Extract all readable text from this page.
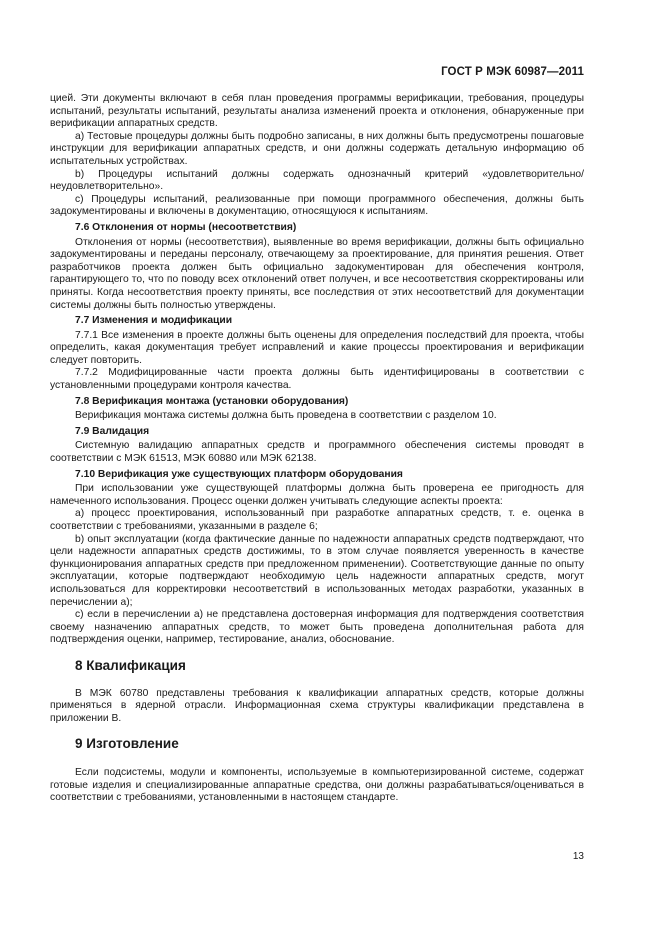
ГОСТ Р МЭК 60987—2011

цией. Эти документы включают в себя план проведения программы верификации, требования, процедуры испытаний, результаты испытаний, результаты анализа изменений проекта и отклонения, обнаруженные при верификации аппаратных средств.

a) Тестовые процедуры должны быть подробно записаны, в них должны быть предусмотрены пошаговые инструкции для верификации аппаратных средств, и они должны содержать детальную информацию об испытательных устройствах.

b) Процедуры испытаний должны содержать однозначный критерий «удовлетворительно/неудовлетворительно».

c) Процедуры испытаний, реализованные при помощи программного обеспечения, должны быть задокументированы и включены в документацию, относящуюся к испытаниям.

7.6 Отклонения от нормы (несоответствия)

Отклонения от нормы (несоответствия), выявленные во время верификации, должны быть официально задокументированы и переданы персоналу, отвечающему за проектирование, для принятия решения. Ответ разработчиков проекта должен быть официально задокументирован для обеспечения контроля, гарантирующего то, что по поводу всех отклонений ответ получен, и все несоответствия скорректированы или приняты. Когда несоответствия проекту приняты, все последствия от этих несоответствий для документации системы должны быть полностью утверждены.

7.7 Изменения и модификации

7.7.1 Все изменения в проекте должны быть оценены для определения последствий для проекта, чтобы определить, какая документация требует исправлений и какие процессы проектирования и верификации следует повторить.

7.7.2 Модифицированные части проекта должны быть идентифицированы в соответствии с установленными процедурами контроля качества.

7.8 Верификация монтажа (установки оборудования)

Верификация монтажа системы должна быть проведена в соответствии с разделом 10.

7.9 Валидация

Системную валидацию аппаратных средств и программного обеспечения системы проводят в соответствии с МЭК 61513, МЭК 60880 или МЭК 62138.

7.10 Верификация уже существующих платформ оборудования

При использовании уже существующей платформы должна быть проверена ее пригодность для намеченного использования. Процесс оценки должен учитывать следующие аспекты проекта:

a) процесс проектирования, использованный при разработке аппаратных средств, т. е. оценка в соответствии с требованиями, указанными в разделе 6;

b) опыт эксплуатации (когда фактические данные по надежности аппаратных средств подтверждают, что цели надежности аппаратных средств достижимы, то в этом случае появляется уверенность в качестве функционирования аппаратных средств при предложенном применении). Соответствующие данные по опыту эксплуатации, которые подтверждают необходимую цель надежности аппаратных средств, могут использоваться для корректировки несоответствий в использованных методах разработки, указанных в перечислении а);

c) если в перечислении а) не представлена достоверная информация для подтверждения соответствия своему назначению аппаратных средств, то может быть проведена дополнительная работа для подтверждения оценки, например, тестирование, анализ, обоснование.

8 Квалификация

В МЭК 60780 представлены требования к квалификации аппаратных средств, которые должны применяться в ядерной отрасли. Информационная схема структуры квалификации представлена в приложении В.

9 Изготовление

Если подсистемы, модули и компоненты, используемые в компьютеризированной системе, содержат готовые изделия и специализированные аппаратные средства, они должны разрабатываться/оцениваться в соответствии с требованиями, установленными в настоящем стандарте.

13
